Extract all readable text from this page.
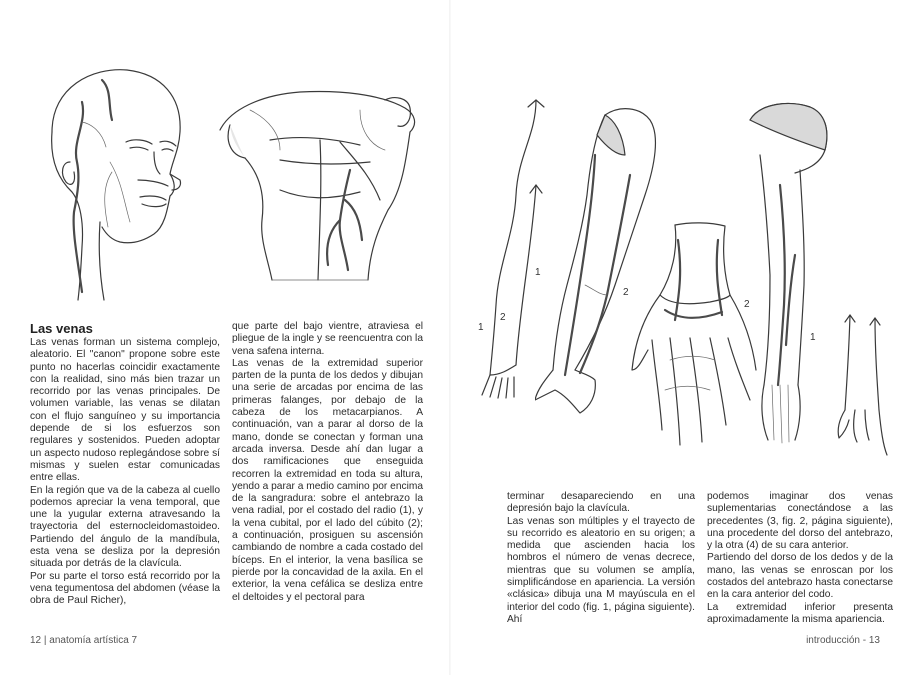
Las venas

Las venas forman un sistema complejo, aleatorio. El "canon" propone sobre este punto no hacerlas coincidir exactamente con la realidad, sino más bien trazar un recorrido por las venas principales. De volumen variable, las venas se dilatan con el flujo sanguíneo y su importancia depende de si los esfuerzos son regulares y sostenidos. Pueden adoptar un aspecto nudoso replegándose sobre sí mismas y suelen estar comunicadas entre ellas.

En la región que va de la cabeza al cuello podemos apreciar la vena temporal, que une la yugular externa atravesando la trayectoria del esternocleidomastoideo. Partiendo del ángulo de la mandíbula, esta vena se desliza por la depresión situada por detrás de la clavícula.

Por su parte el torso está recorrido por la vena tegumentosa del abdomen (véase la obra de Paul Richer),

que parte del bajo vientre, atraviesa el pliegue de la ingle y se reencuentra con la vena safena interna.

Las venas de la extremidad superior parten de la punta de los dedos y dibujan una serie de arcadas por encima de las primeras falanges, por debajo de la cabeza de los metacarpianos. A continuación, van a parar al dorso de la mano, donde se conectan y forman una arcada inversa. Desde ahí dan lugar a dos ramificaciones que enseguida recorren la extremidad en toda su altura, yendo a parar a medio camino por encima de la sangradura: sobre el antebrazo la vena radial, por el costado del radio (1), y la vena cubital, por el lado del cúbito (2); a continuación, prosiguen su ascensión cambiando de nombre a cada costado del bíceps. En el interior, la vena basílica se pierde por la concavidad de la axila. En el exterior, la vena cefálica se desliza entre el deltoides y el pectoral para

12 | anatomía artística 7
1
2
1
2
2
1

terminar desapareciendo en una depresión bajo la clavícula.

Las venas son múltiples y el trayecto de su recorrido es aleatorio en su origen; a medida que ascienden hacia los hombros el número de venas decrece, mientras que su volumen se amplía, simplificándose en apariencia. La versión «clásica» dibuja una M mayúscula en el interior del codo (fig. 1, página siguiente). Ahí

podemos imaginar dos venas suplementarias conectándose a las precedentes (3, fig. 2, página siguiente), una procedente del dorso del antebrazo, y la otra (4) de su cara anterior.

Partiendo del dorso de los dedos y de la mano, las venas se enroscan por los costados del antebrazo hasta conectarse en la cara anterior del codo.

La extremidad inferior presenta aproximadamente la misma apariencia.

introducción - 13
